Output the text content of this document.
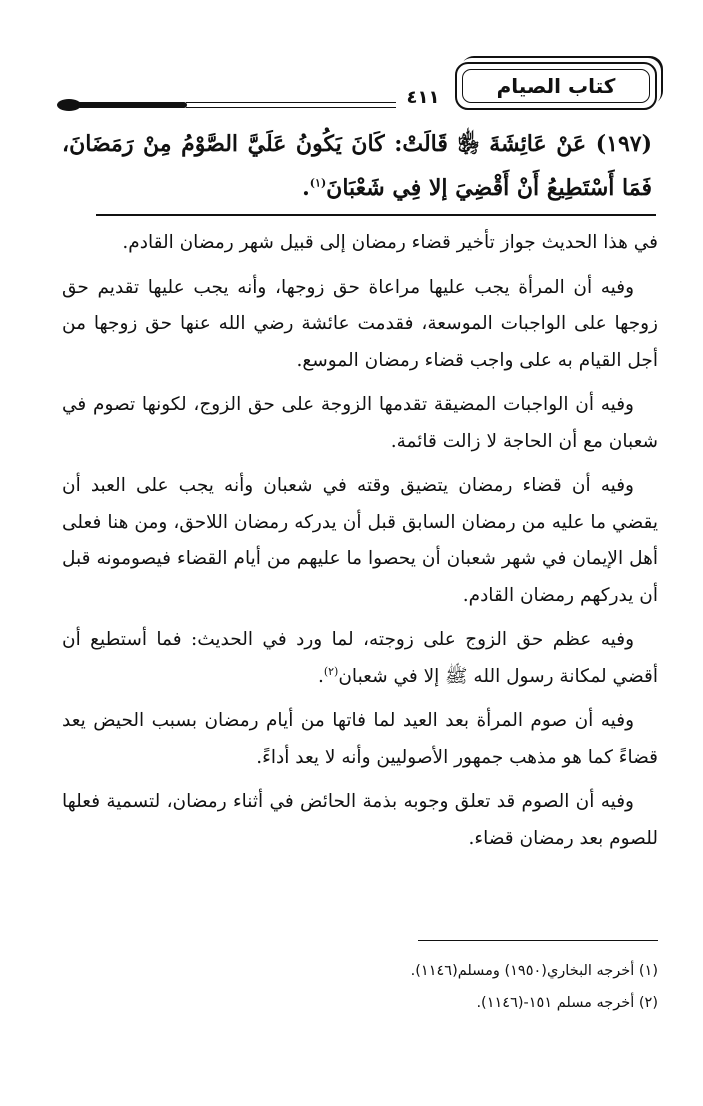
كتاب الصيام
٤١١
(١٩٧) عَنْ عَائِشَةَ ﵂ قَالَتْ: كَانَ يَكُونُ عَلَيَّ الصَّوْمُ مِنْ رَمَضَانَ، فَمَا أَسْتَطِيعُ أَنْ أَقْضِيَ إلا فِي شَعْبَانَ$^{(١)}$.

في هذا الحديث جواز تأخير قضاء رمضان إلى قبيل شهر رمضان القادم.

وفيه أن المرأة يجب عليها مراعاة حق زوجها، وأنه يجب عليها تقديم حق زوجها على الواجبات الموسعة، فقدمت عائشة رضي الله عنها حق زوجها من أجل القيام به على واجب قضاء رمضان الموسع.

وفيه أن الواجبات المضيقة تقدمها الزوجة على حق الزوج، لكونها تصوم في شعبان مع أن الحاجة لا زالت قائمة.

وفيه أن قضاء رمضان يتضيق وقته في شعبان وأنه يجب على العبد أن يقضي ما عليه من رمضان السابق قبل أن يدركه رمضان اللاحق، ومن هنا فعلى أهل الإيمان في شهر شعبان أن يحصوا ما عليهم من أيام القضاء فيصومونه قبل أن يدركهم رمضان القادم.

وفيه عظم حق الزوج على زوجته، لما ورد في الحديث: فما أستطيع أن أقضي لمكانة رسول الله ﷺ إلا في شعبان$^{(٢)}$.

وفيه أن صوم المرأة بعد العيد لما فاتها من أيام رمضان بسبب الحيض يعد قضاءً كما هو مذهب جمهور الأصوليين وأنه لا يعد أداءً.

وفيه أن الصوم قد تعلق وجوبه بذمة الحائض في أثناء رمضان، لتسمية فعلها للصوم بعد رمضان قضاء.

(١) أخرجه البخاري(١٩٥٠) ومسلم(١١٤٦).

(٢) أخرجه مسلم ١٥١-(١١٤٦).
